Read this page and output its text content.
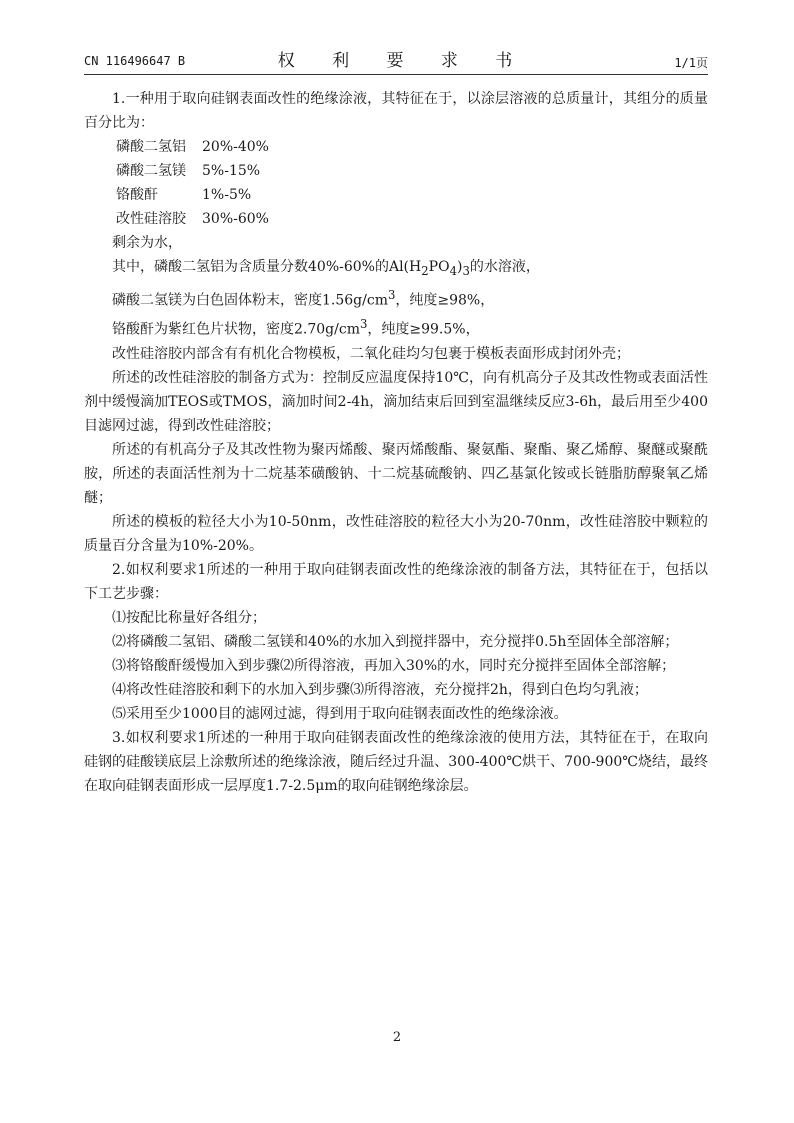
CN 116496647 B	权 利 要 求 书	1/1页

1.一种用于取向硅钢表面改性的绝缘涂液，其特征在于，以涂层溶液的总质量计，其组分的质量百分比为：

磷酸二氢铝 20%-40%
磷酸二氢镁 5%-15%
铬酸酐	1%-5%
改性硅溶胶 30%-60%

剩余为水，

其中，磷酸二氢铝为含质量分数40%-60%的$Al(H_2PO_4)_3$的水溶液，

磷酸二氢镁为白色固体粉末，密度$1.56g/cm^3$，纯度≥98%，

铬酸酐为紫红色片状物，密度$2.70g/cm^3$，纯度≥99.5%，

改性硅溶胶内部含有有机化合物模板，二氧化硅均匀包裹于模板表面形成封闭外壳；

所述的改性硅溶胶的制备方式为：控制反应温度保持10℃，向有机高分子及其改性物或表面活性剂中缓慢滴加TEOS或TMOS，滴加时间2-4h，滴加结束后回到室温继续反应3-6h，最后用至少400目滤网过滤，得到改性硅溶胶；

所述的有机高分子及其改性物为聚丙烯酸、聚丙烯酸酯、聚氨酯、聚酯、聚乙烯醇、聚醚或聚酰胺，所述的表面活性剂为十二烷基苯磺酸钠、十二烷基硫酸钠、四乙基氯化铵或长链脂肪醇聚氧乙烯醚；

所述的模板的粒径大小为10-50nm，改性硅溶胶的粒径大小为20-70nm，改性硅溶胶中颗粒的质量百分含量为10%-20%。

2.如权利要求1所述的一种用于取向硅钢表面改性的绝缘涂液的制备方法，其特征在于，包括以下工艺步骤：

⑴按配比称量好各组分；

⑵将磷酸二氢铝、磷酸二氢镁和40%的水加入到搅拌器中，充分搅拌0.5h至固体全部溶解；

⑶将铬酸酐缓慢加入到步骤⑵所得溶液，再加入30%的水，同时充分搅拌至固体全部溶解；

⑷将改性硅溶胶和剩下的水加入到步骤⑶所得溶液，充分搅拌2h，得到白色均匀乳液；

⑸采用至少1000目的滤网过滤，得到用于取向硅钢表面改性的绝缘涂液。

3.如权利要求1所述的一种用于取向硅钢表面改性的绝缘涂液的使用方法，其特征在于，在取向硅钢的硅酸镁底层上涂敷所述的绝缘涂液，随后经过升温、300-400℃烘干、700-900℃烧结，最终在取向硅钢表面形成一层厚度1.7-2.5μm的取向硅钢绝缘涂层。

2
